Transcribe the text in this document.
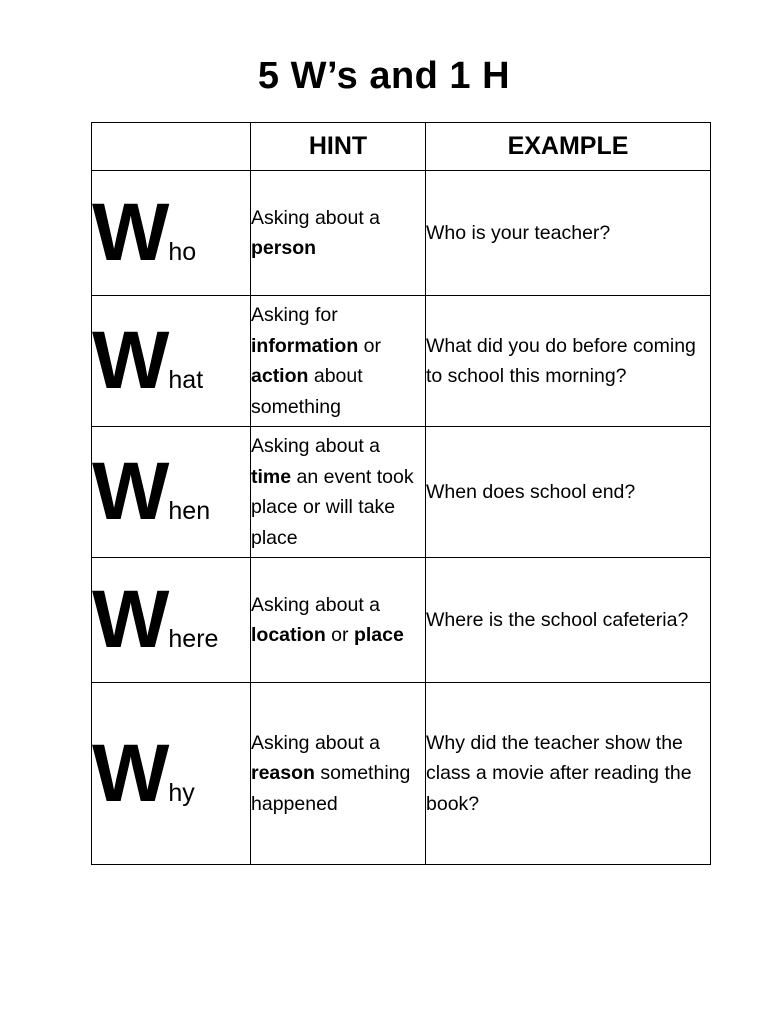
5 W’s and 1 H
	HINT	EXAMPLE
Who	Asking about a person	Who is your teacher?
What	Asking for information or action about something	What did you do before coming to school this morning?
When	Asking about a time an event took place or will take place	When does school end?
Where	Asking about a location or place	Where is the school cafeteria?
Why	Asking about a reason something happened	Why did the teacher show the class a movie after reading the book?
